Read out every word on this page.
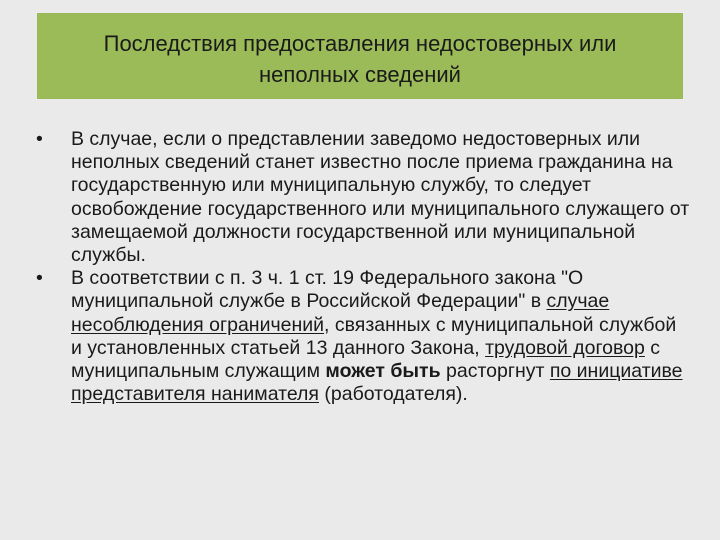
Последствия предоставления недостоверных или неполных сведений
•	В случае, если о представлении заведомо недостоверных или неполных сведений станет известно после приема гражданина на государственную или муниципальную службу, то следует освобождение государственного или муниципального служащего от замещаемой должности государственной или муниципальной службы.
•	В соответствии с п. 3 ч. 1 ст. 19 Федерального закона "О муниципальной службе в Российской Федерации" в случае несоблюдения ограничений, связанных с муниципальной службой и установленных статьей 13 данного Закона, трудовой договор с муниципальным служащим может быть расторгнут по инициативе представителя нанимателя (работодателя).
